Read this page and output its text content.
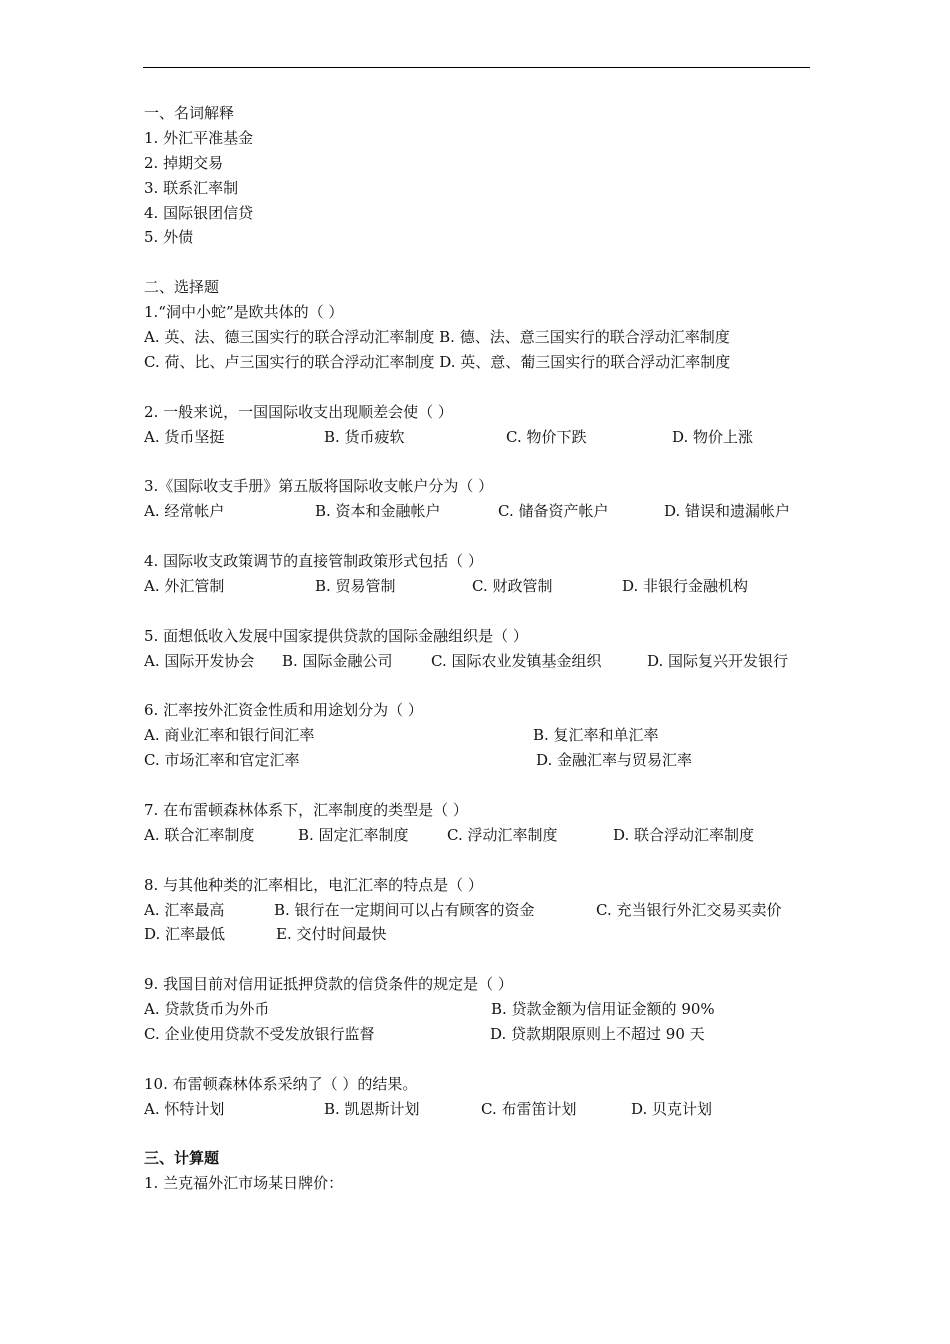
一、名词解释
1. 外汇平准基金
2. 掉期交易
3. 联系汇率制
4. 国际银团信贷
5. 外债
二、选择题
1.“洞中小蛇”是欧共体的（ ）
A. 英、法、德三国实行的联合浮动汇率制度 B. 德、法、意三国实行的联合浮动汇率制度
C. 荷、比、卢三国实行的联合浮动汇率制度 D. 英、意、葡三国实行的联合浮动汇率制度
2. 一般来说，一国国际收支出现顺差会使（ ）
A. 货币坚挺	B. 货币疲软	C. 物价下跌	D. 物价上涨
3.《国际收支手册》第五版将国际收支帐户分为（ ）
A. 经常帐户	B. 资本和金融帐户	C. 储备资产帐户	D. 错误和遗漏帐户
4. 国际收支政策调节的直接管制政策形式包括（ ）
A. 外汇管制	B. 贸易管制	C. 财政管制	D. 非银行金融机构
5. 面想低收入发展中国家提供贷款的国际金融组织是（ ）
A. 国际开发协会 B. 国际金融公司	C. 国际农业发镇基金组织	D. 国际复兴开发银行
6. 汇率按外汇资金性质和用途划分为（ ）
A. 商业汇率和银行间汇率	B. 复汇率和单汇率
C. 市场汇率和官定汇率	D. 金融汇率与贸易汇率
7. 在布雷顿森林体系下，汇率制度的类型是（ ）
A. 联合汇率制度	B. 固定汇率制度	C. 浮动汇率制度	D. 联合浮动汇率制度
8. 与其他种类的汇率相比，电汇汇率的特点是（ ）
A. 汇率最高	B. 银行在一定期间可以占有顾客的资金	C. 充当银行外汇交易买卖价
D. 汇率最低	E. 交付时间最快
9. 我国目前对信用证抵押贷款的信贷条件的规定是（ ）
A. 贷款货币为外币	B. 贷款金额为信用证金额的 90%
C. 企业使用贷款不受发放银行监督	D. 贷款期限原则上不超过 90 天
10. 布雷顿森林体系采纳了（ ）的结果。
A. 怀特计划	B. 凯恩斯计划	C. 布雷笛计划	D. 贝克计划
三、计算题
1. 兰克福外汇市场某日牌价：
